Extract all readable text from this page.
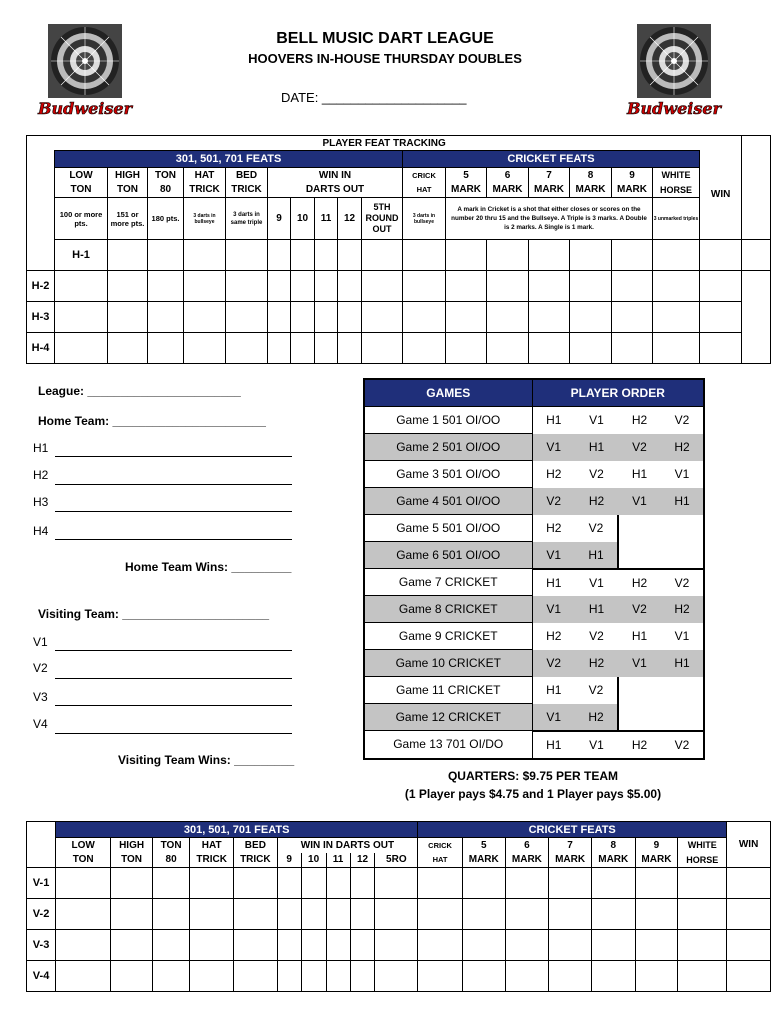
Budweiser	Budweiser
BELL MUSIC DART LEAGUE
HOOVERS IN-HOUSE THURSDAY DOUBLES
DATE: ____________________
PLAYER FEAT TRACKING																			
	301, 501, 701 FEATS										CRICKET FEATS							WIN	
	LOW	HIGH	TON	HAT	BED	WIN IN					CRICK	5	6	7	8	9	WHITE		
	TON	TON	80	TRICK	TRICK	DARTS OUT					HAT	MARK	MARK	MARK	MARK	MARK	HORSE		
	100 or more pts.	151 or more pts.	180 pts.	3 darts in bullseye	3 darts in same triple	9	10	11	12	5TH ROUND OUT	3 darts in bullseye	A mark in Cricket is a shot that either closes or scores on the number 20 thru 15 and the Bullseye. A Triple is 3 marks. A Double is 2 marks. A Single is 1 mark.					3 unmarked triples		
	H-1																		
H-2																			
H-3																			
H-4																			
League: _______________________
Home Team: _______________________
H1
H2
H3
H4
Home Team Wins: _________
Visiting Team: ______________________
V1
V2
V3
V4
Visiting Team Wins: _________
GAMES	PLAYER ORDER			
Game 1 501 OI/OO	H1	V1	H2	V2
Game 2 501 OI/OO	V1	H1	V2	H2
Game 3 501 OI/OO	H2	V2	H1	V1
Game 4 501 OI/OO	V2	H2	V1	H1
Game 5 501 OI/OO	H2	V2		
Game 6 501 OI/OO	V1	H1		
Game 7 CRICKET	H1	V1	H2	V2
Game 8 CRICKET	V1	H1	V2	H2
Game 9 CRICKET	H2	V2	H1	V1
Game 10 CRICKET	V2	H2	V1	H1
Game 11 CRICKET	H1	V2		
Game 12 CRICKET	V1	H2		
Game 13 701 OI/DO	H1	V1	H2	V2
QUARTERS: $9.75 PER TEAM
(1 Player pays $4.75 and 1 Player pays $5.00)
	301, 501, 701 FEATS										CRICKET FEATS							WIN
	LOW	HIGH	TON	HAT	BED	WIN IN DARTS OUT					CRICK	5	6	7	8	9	WHITE	
	TON	TON	80	TRICK	TRICK	9	10	11	12	5RO	HAT	MARK	MARK	MARK	MARK	MARK	HORSE	
V-1																		
V-2																		
V-3																		
V-4																		
